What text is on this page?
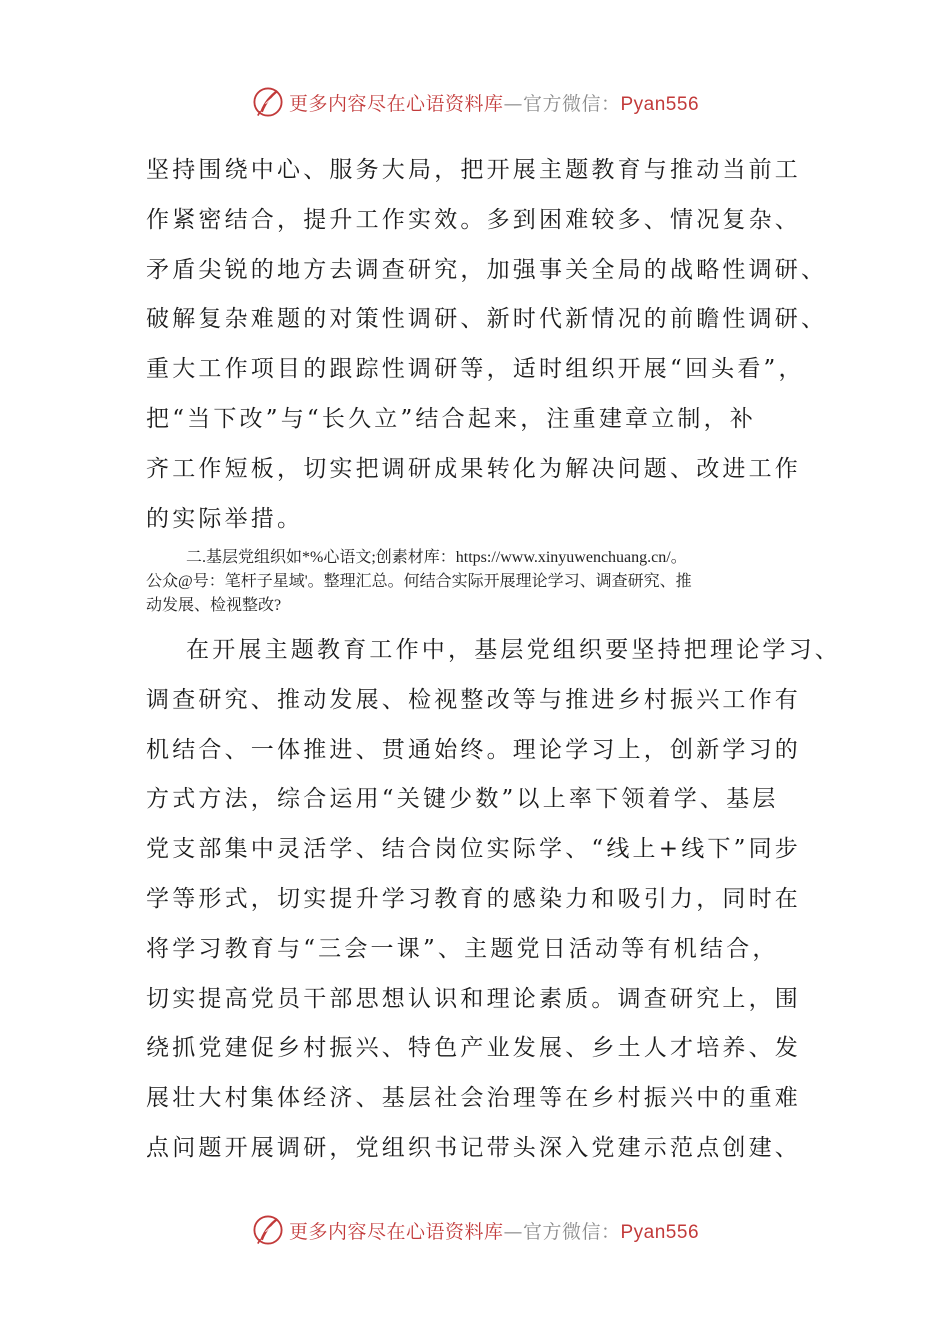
更多内容尽在心语资料库—官方微信：Pyan556

坚持围绕中心、服务大局，把开展主题教育与推动当前工
作紧密结合，提升工作实效。多到困难较多、情况复杂、
矛盾尖锐的地方去调查研究，加强事关全局的战略性调研、
破解复杂难题的对策性调研、新时代新情况的前瞻性调研、
重大工作项目的跟踪性调研等，适时组织开展“回头看”，
把“当下改”与“长久立”结合起来，注重建章立制，补
齐工作短板，切实把调研成果转化为解决问题、改进工作
的实际举措。

二.基层党组织如*%心语文;创素材库：https://www.xinyuwenchuang.cn/。
公众@号：笔杆子星域'。整理汇总。何结合实际开展理论学习、调查研究、推
动发展、检视整改?

在开展主题教育工作中，基层党组织要坚持把理论学习、
调查研究、推动发展、检视整改等与推进乡村振兴工作有
机结合、一体推进、贯通始终。理论学习上，创新学习的
方式方法，综合运用“关键少数”以上率下领着学、基层
党支部集中灵活学、结合岗位实际学、“线上+线下”同步
学等形式，切实提升学习教育的感染力和吸引力，同时在
将学习教育与“三会一课”、主题党日活动等有机结合，
切实提高党员干部思想认识和理论素质。调查研究上，围
绕抓党建促乡村振兴、特色产业发展、乡土人才培养、发
展壮大村集体经济、基层社会治理等在乡村振兴中的重难
点问题开展调研，党组织书记带头深入党建示范点创建、

更多内容尽在心语资料库—官方微信：Pyan556
